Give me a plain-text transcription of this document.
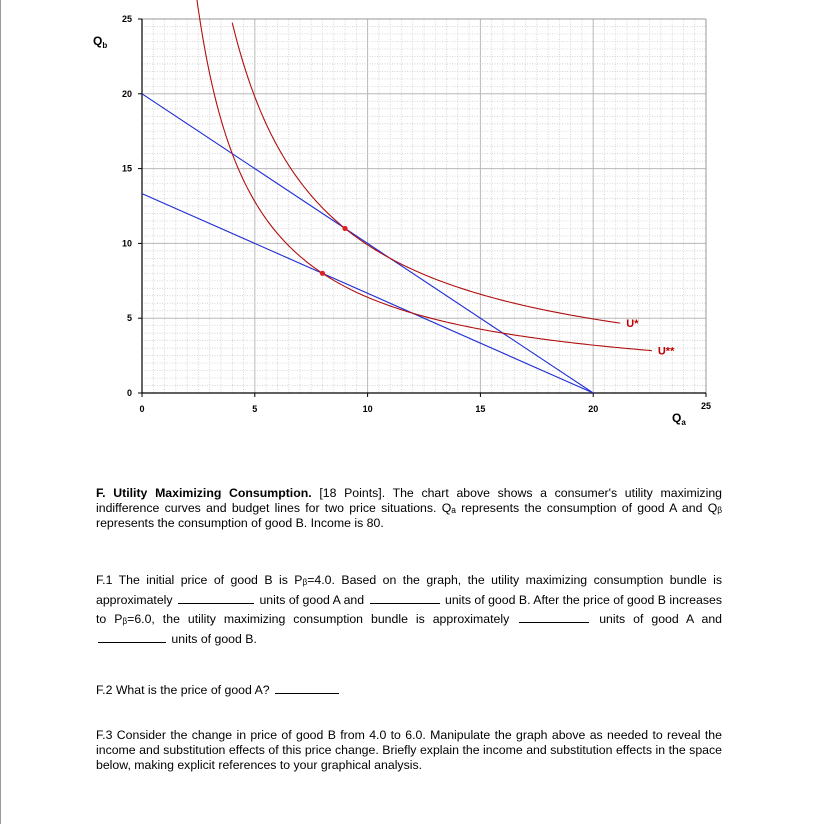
0	5	10	15	20	25
0
5
10
15
20
25
U*
U**
$Q_a$
$Q_b$
F. Utility Maximizing Consumption. [18 Points]. The chart above shows a consumer's utility maximizing indifference curves and budget lines for two price situations. Qₐ represents the consumption of good A and Qᵦ represents the consumption of good B. Income is 80.
F.1 The initial price of good B is Pᵦ=4.0. Based on the graph, the utility maximizing consumption bundle is approximately	units of good A and	units of good B. After the price of good B increases to Pᵦ=6.0, the utility maximizing consumption bundle is approximately	units of good A and  units of good B.
F.2 What is the price of good A?
F.3 Consider the change in price of good B from 4.0 to 6.0. Manipulate the graph above as needed to reveal the income and substitution effects of this price change. Briefly explain the income and substitution effects in the space below, making explicit references to your graphical analysis.
